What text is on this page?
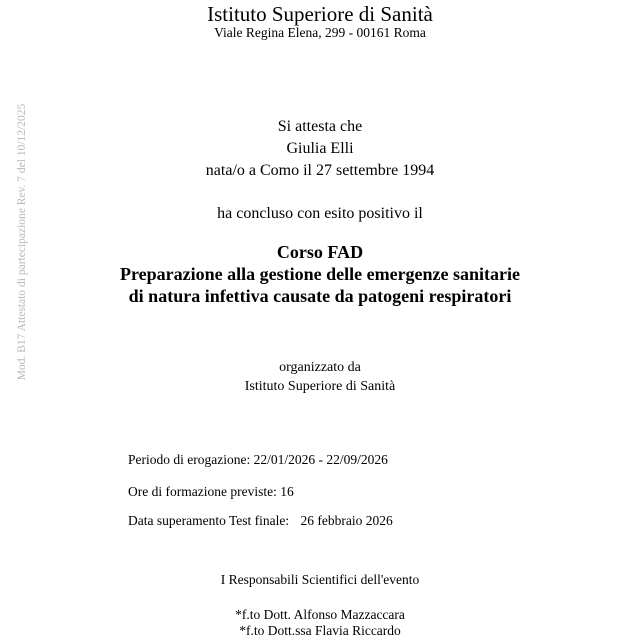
Istituto Superiore di Sanità
Viale Regina Elena, 299 - 00161 Roma
Mod. B17 Attestato di partecipazione Rev. 7 del 10/12/2025	Si attesta che
Giulia Elli
nata/o a Como il 27 settembre 1994
ha concluso con esito positivo il
Corso FAD
Preparazione alla gestione delle emergenze sanitarie
di natura infettiva causate da patogeni respiratori
organizzato da
Istituto Superiore di Sanità
Periodo di erogazione: 22/01/2026 - 22/09/2026
Ore di formazione previste: 16
Data superamento Test finale: 26 febbraio 2026
I Responsabili Scientifici dell'evento
*f.to Dott. Alfonso Mazzaccara
*f.to Dott.ssa Flavia Riccardo
